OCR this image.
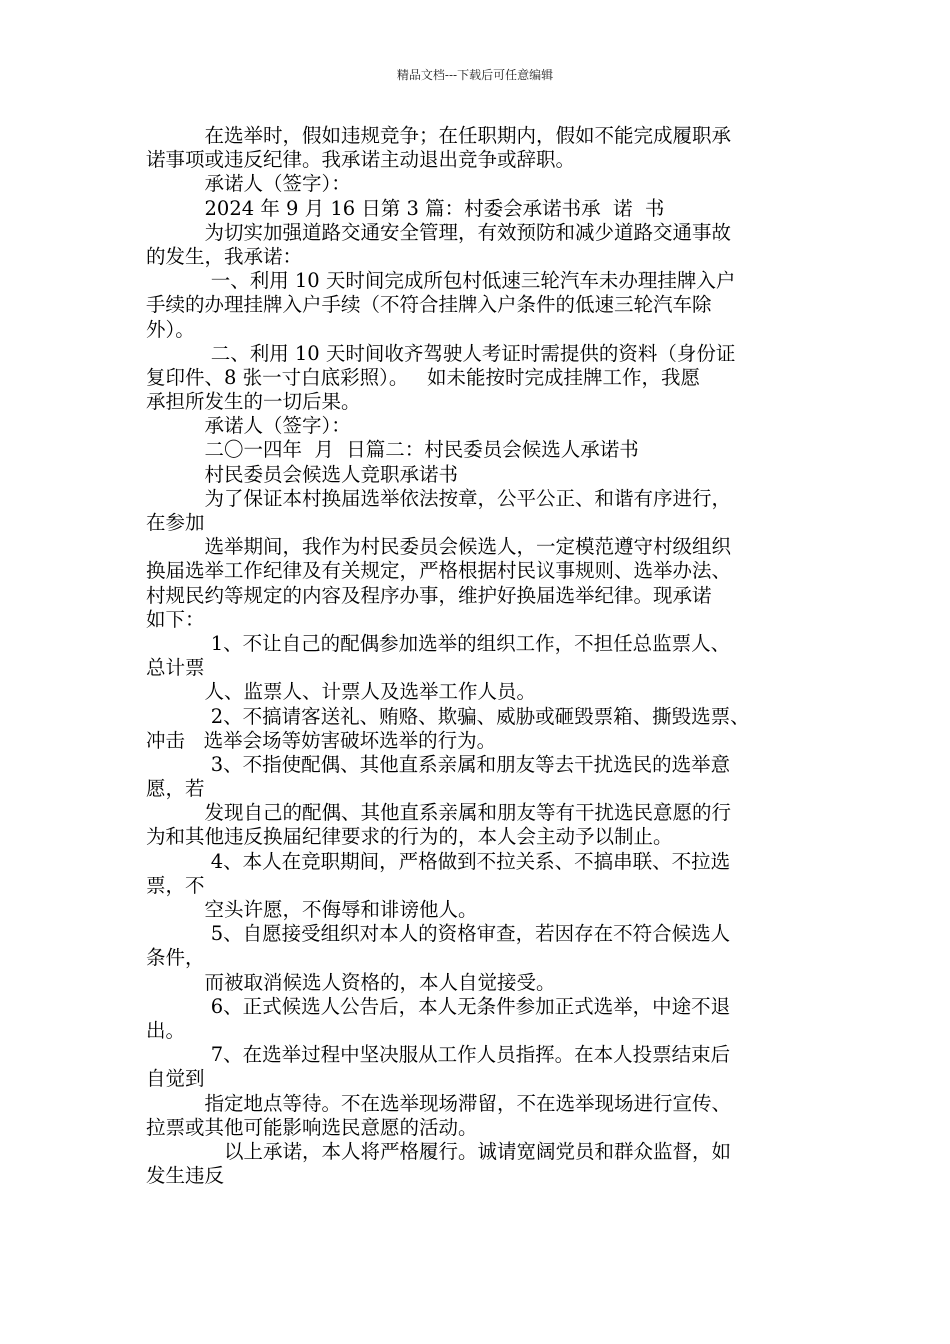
精品文档---下载后可任意编辑
　　　在选举时，假如违规竞争；在任职期内，假如不能完成履职承
诺事项或违反纪律。我承诺主动退出竞争或辞职。
　　　承诺人（签字）：
　　　2024 年 9 月 16 日第 3 篇：村委会承诺书承  诺  书
　　　为切实加强道路交通安全管理，有效预防和减少道路交通事故
的发生，我承诺：
　　　 一、利用 10 天时间完成所包村低速三轮汽车未办理挂牌入户
手续的办理挂牌入户手续（不符合挂牌入户条件的低速三轮汽车除
外）。
　　　 二、利用 10 天时间收齐驾驶人考证时需提供的资料（身份证
复印件、8 张一寸白底彩照）。   如未能按时完成挂牌工作，我愿
承担所发生的一切后果。
　　　承诺人（签字）：
　　　二〇一四年  月  日篇二：村民委员会候选人承诺书
　　　村民委员会候选人竞职承诺书
　　　为了保证本村换届选举依法按章，公平公正、和谐有序进行，
在参加
　　　选举期间，我作为村民委员会候选人，一定模范遵守村级组织
换届选举工作纪律及有关规定，严格根据村民议事规则、选举办法、
村规民约等规定的内容及程序办事，维护好换届选举纪律。现承诺
如下：
　　　 1、不让自己的配偶参加选举的组织工作，不担任总监票人、
总计票
　　　人、监票人、计票人及选举工作人员。
　　　 2、不搞请客送礼、贿赂、欺骗、威胁或砸毁票箱、撕毁选票、
冲击   选举会场等妨害破坏选举的行为。
　　　 3、不指使配偶、其他直系亲属和朋友等去干扰选民的选举意
愿，若
　　　发现自己的配偶、其他直系亲属和朋友等有干扰选民意愿的行
为和其他违反换届纪律要求的行为的，本人会主动予以制止。
　　　 4、本人在竞职期间，严格做到不拉关系、不搞串联、不拉选
票，不
　　　空头许愿，不侮辱和诽谤他人。
　　　 5、自愿接受组织对本人的资格审查，若因存在不符合候选人
条件，
　　　而被取消候选人资格的，本人自觉接受。
　　　 6、正式候选人公告后，本人无条件参加正式选举，中途不退
出。
　　　 7、在选举过程中坚决服从工作人员指挥。在本人投票结束后
自觉到
　　　指定地点等待。不在选举现场滞留，不在选举现场进行宣传、
拉票或其他可能影响选民意愿的活动。
　　　　以上承诺，本人将严格履行。诚请宽阔党员和群众监督，如
发生违反
